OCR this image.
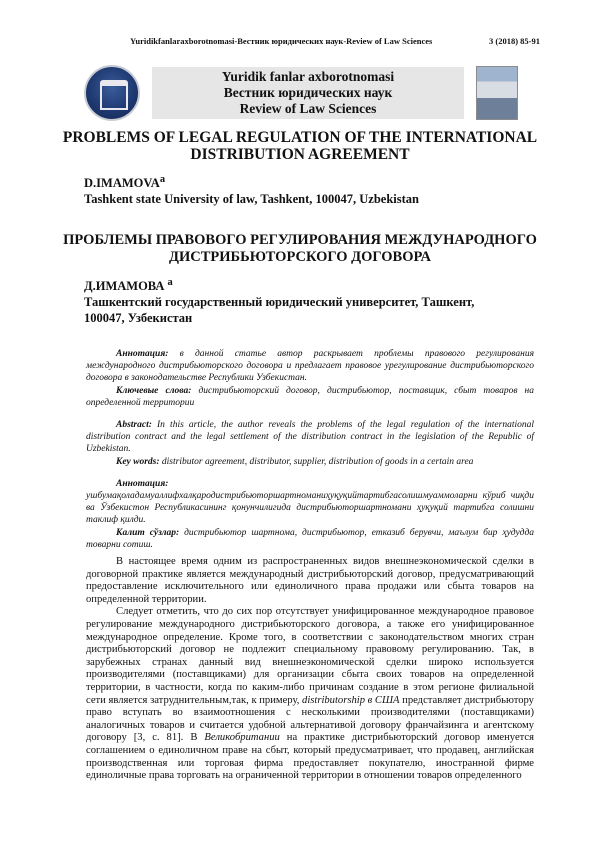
Yuridikfanlaraxborotnomasi-Вестник юридических наук-Review of Law Sciences	3 (2018) 85-91
Yuridik fanlar axborotnomasi
Вестник юридических наук
Review of Law Sciences
PROBLEMS OF LEGAL REGULATION OF THE INTERNATIONAL
DISTRIBUTION AGREEMENT
D.IMAMOVA$^a$
Tashkent state University of law, Tashkent, 100047, Uzbekistan
ПРОБЛЕМЫ ПРАВОВОГО РЕГУЛИРОВАНИЯ МЕЖДУНАРОДНОГО
ДИСТРИБЬЮТОРСКОГО ДОГОВОРА
Д.ИМАМОВА $^a$
Ташкентский государственный юридический университет, Ташкент, 100047, Узбекистан

Аннотация: в данной статье автор раскрывает проблемы правового регулирования международного дистрибьюторского договора и предлагает правовое урегулирование дистрибьюторского договора в законодательстве Республики Узбекистан.

Ключевые слова: дистрибьюторский договор, дистрибьютор, поставщик, сбыт товаров на определенной территории

Abstract: In this article, the author reveals the problems of the legal regulation of the international distribution contract and the legal settlement of the distribution contract in the legislation of the Republic of Uzbekistan.

Key words: distributor agreement, distributor, supplier, distribution of goods in a certain area

Аннотация:

ушбумақоладамуаллифхалқародистрибьюторшартноманиҳуқуқийтартибгасолишмуаммоларни кўриб чиқди ва Ўзбекистон Республикасининг қонунчилигида дистрибьюторшартномани ҳуқуқий тартибга солишни таклиф қилди.

Калит сўзлар: дистрибьютор шартнома, дистрибьютор, етказиб берувчи, маълум бир ҳудудда товарни сотиш.

В настоящее время одним из распространенных видов внешнеэкономической сделки в договорной практике является международный дистрибьюторский договор, предусматривающий предоставление исключительного или единоличного права продажи или сбыта товаров на определенной территории.

Следует отметить, что до сих пор отсутствует унифицированное международное правовое регулирование международного дистрибьюторского договора, а также его унифицированное международное определение. Кроме того, в соответствии с законодательством многих стран дистрибьюторский договор не подлежит специальному правовому регулированию. Так, в зарубежных странах данный вид внешнеэкономической сделки широко используется производителями (поставщиками) для организации сбыта своих товаров на определенной территории, в частности, когда по каким-либо причинам создание в этом регионе филиальной сети является затруднительным,так, к примеру, distributorship в США представляет дистрибьютору право вступать во взаимоотношения с несколькими производителями (поставщиками) аналогичных товаров и считается удобной альтернативой договору франчайзинга и агентскому договору [3, с. 81]. В Великобритании на практике дистрибьюторский договор именуется соглашением о единоличном праве на сбыт, который предусматривает, что продавец, английская производственная или торговая фирма предоставляет покупателю, иностранной фирме единоличные права торговать на ограниченной территории в отношении товаров определенного
